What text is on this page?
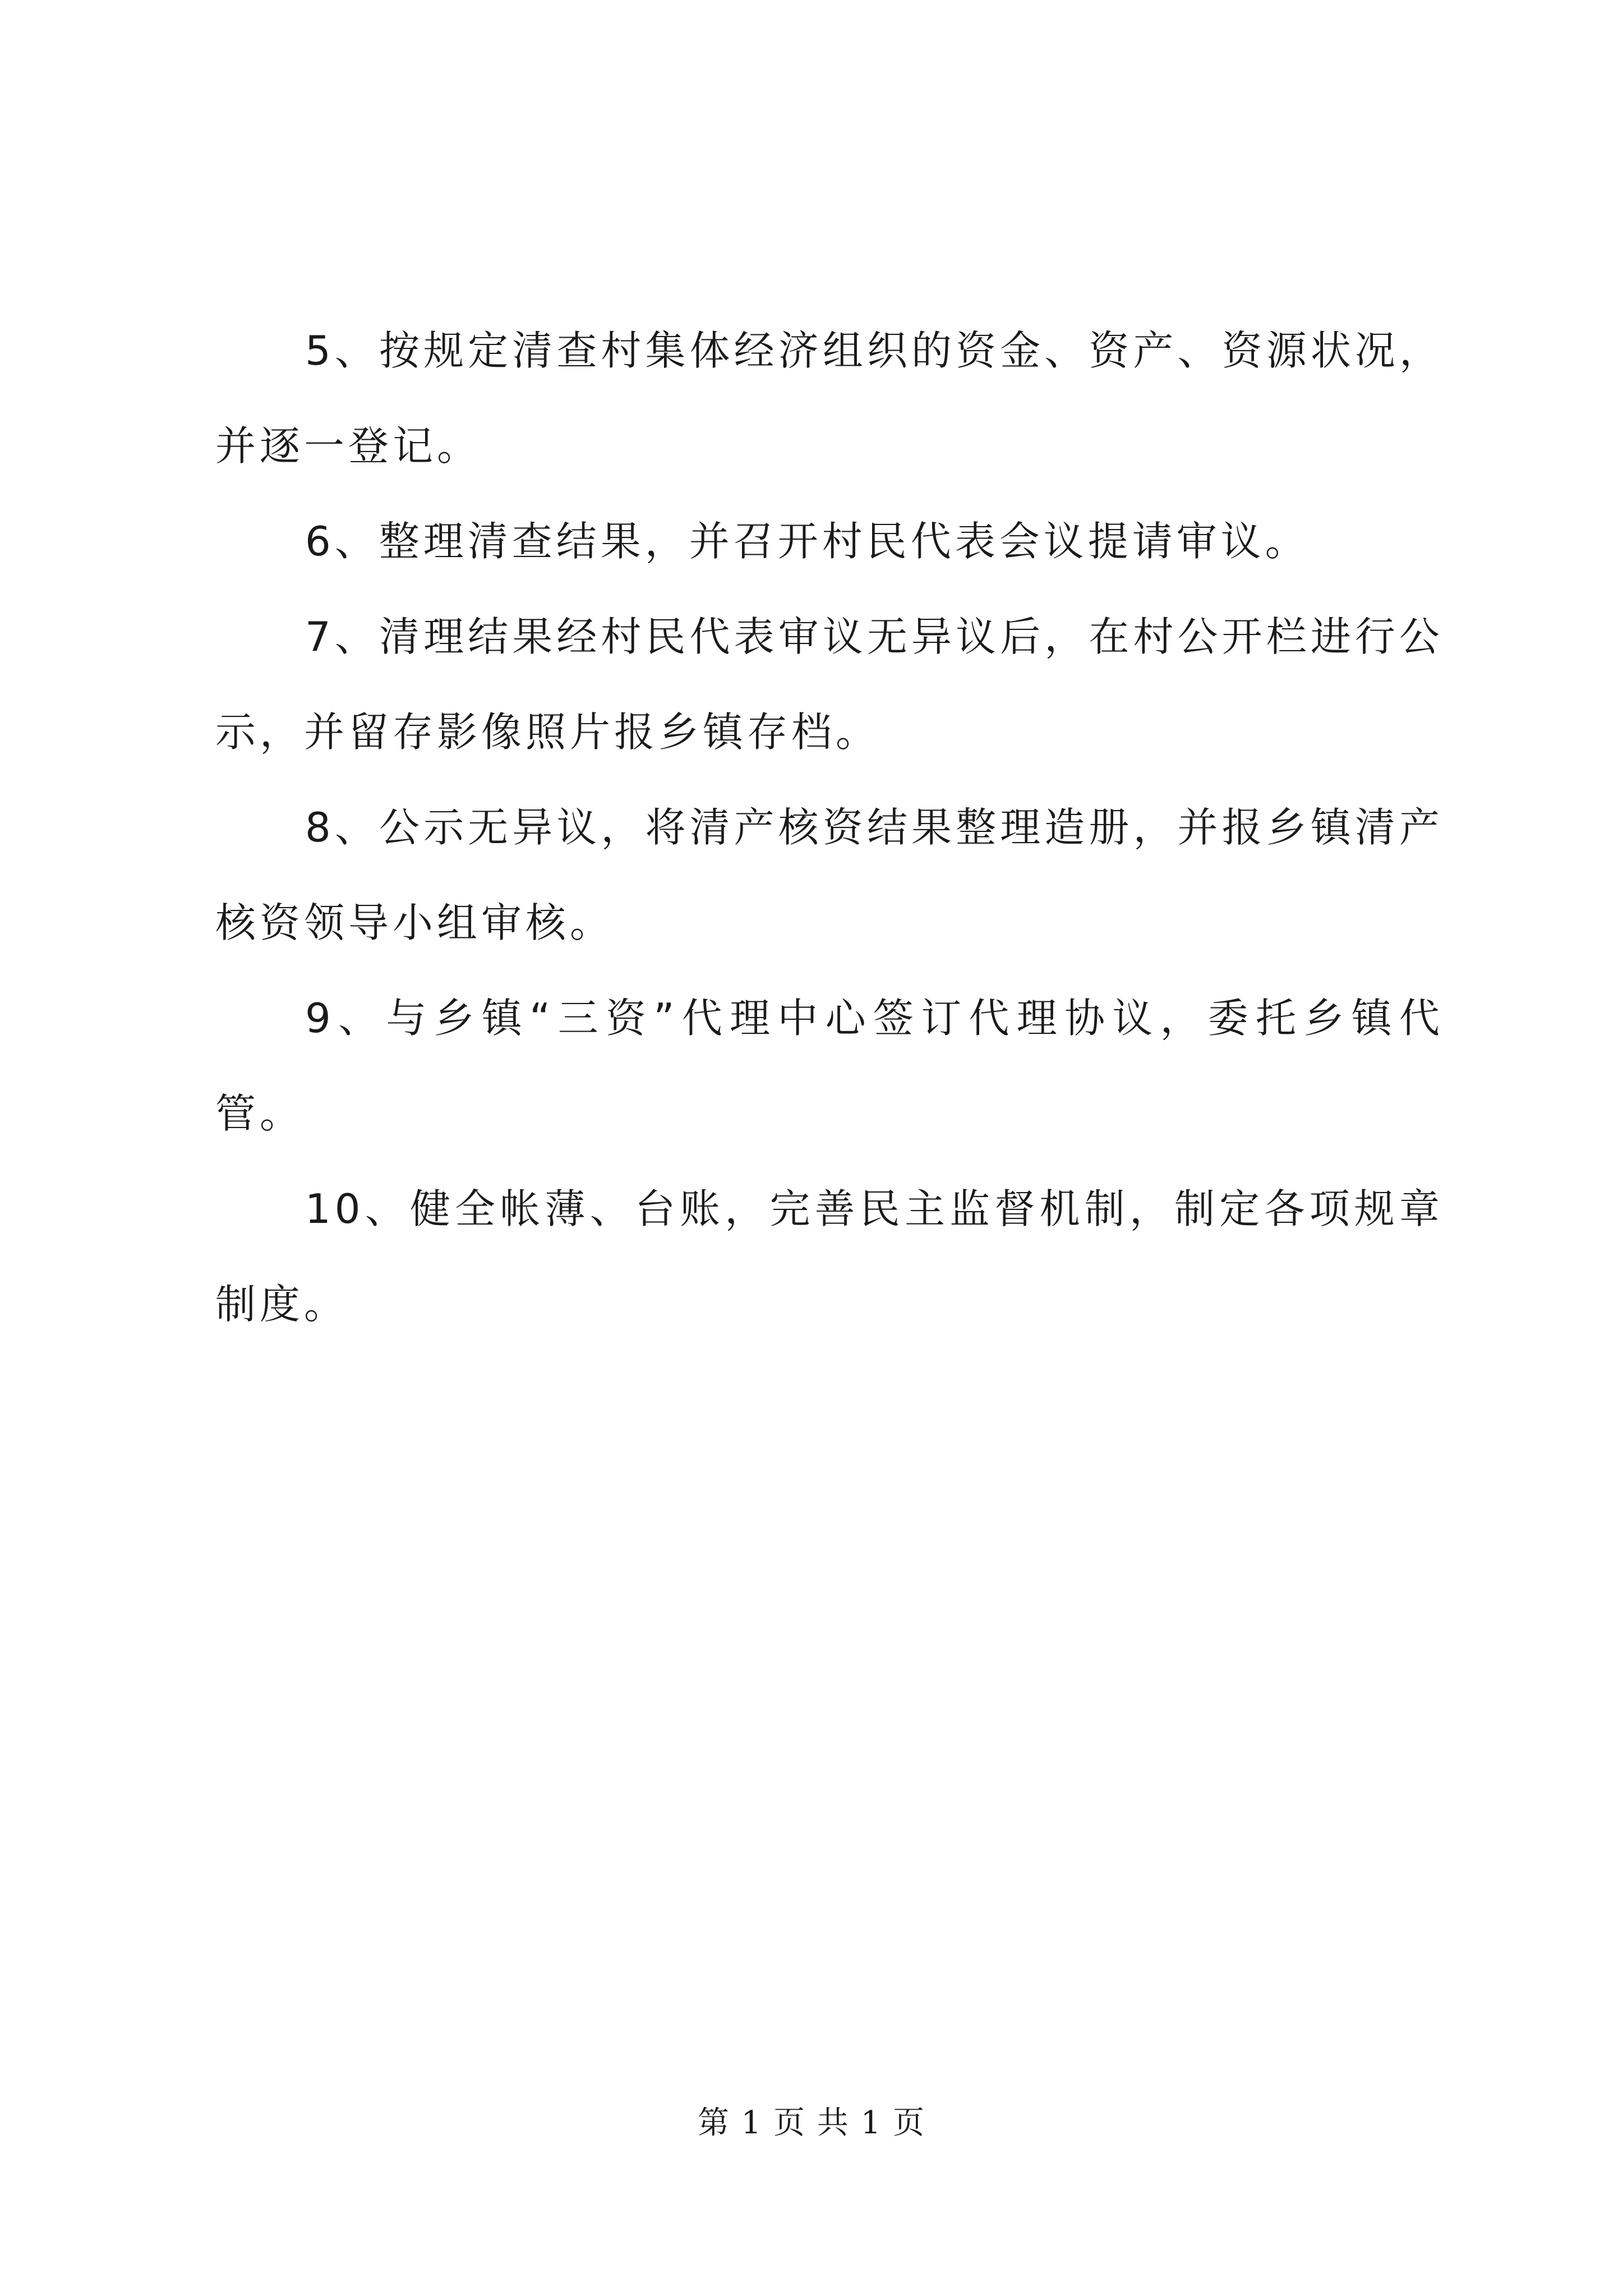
5、按规定清查村集体经济组织的资金、资产、资源状况，并逐一登记。

6、整理清查结果，并召开村民代表会议提请审议。

7、清理结果经村民代表审议无异议后，在村公开栏进行公示，并留存影像照片报乡镇存档。

8、公示无异议，将清产核资结果整理造册，并报乡镇清产核资领导小组审核。

9、与乡镇“三资”代理中心签订代理协议，委托乡镇代管。

10、健全帐薄、台账，完善民主监督机制，制定各项规章制度。

第 1 页 共 1 页
